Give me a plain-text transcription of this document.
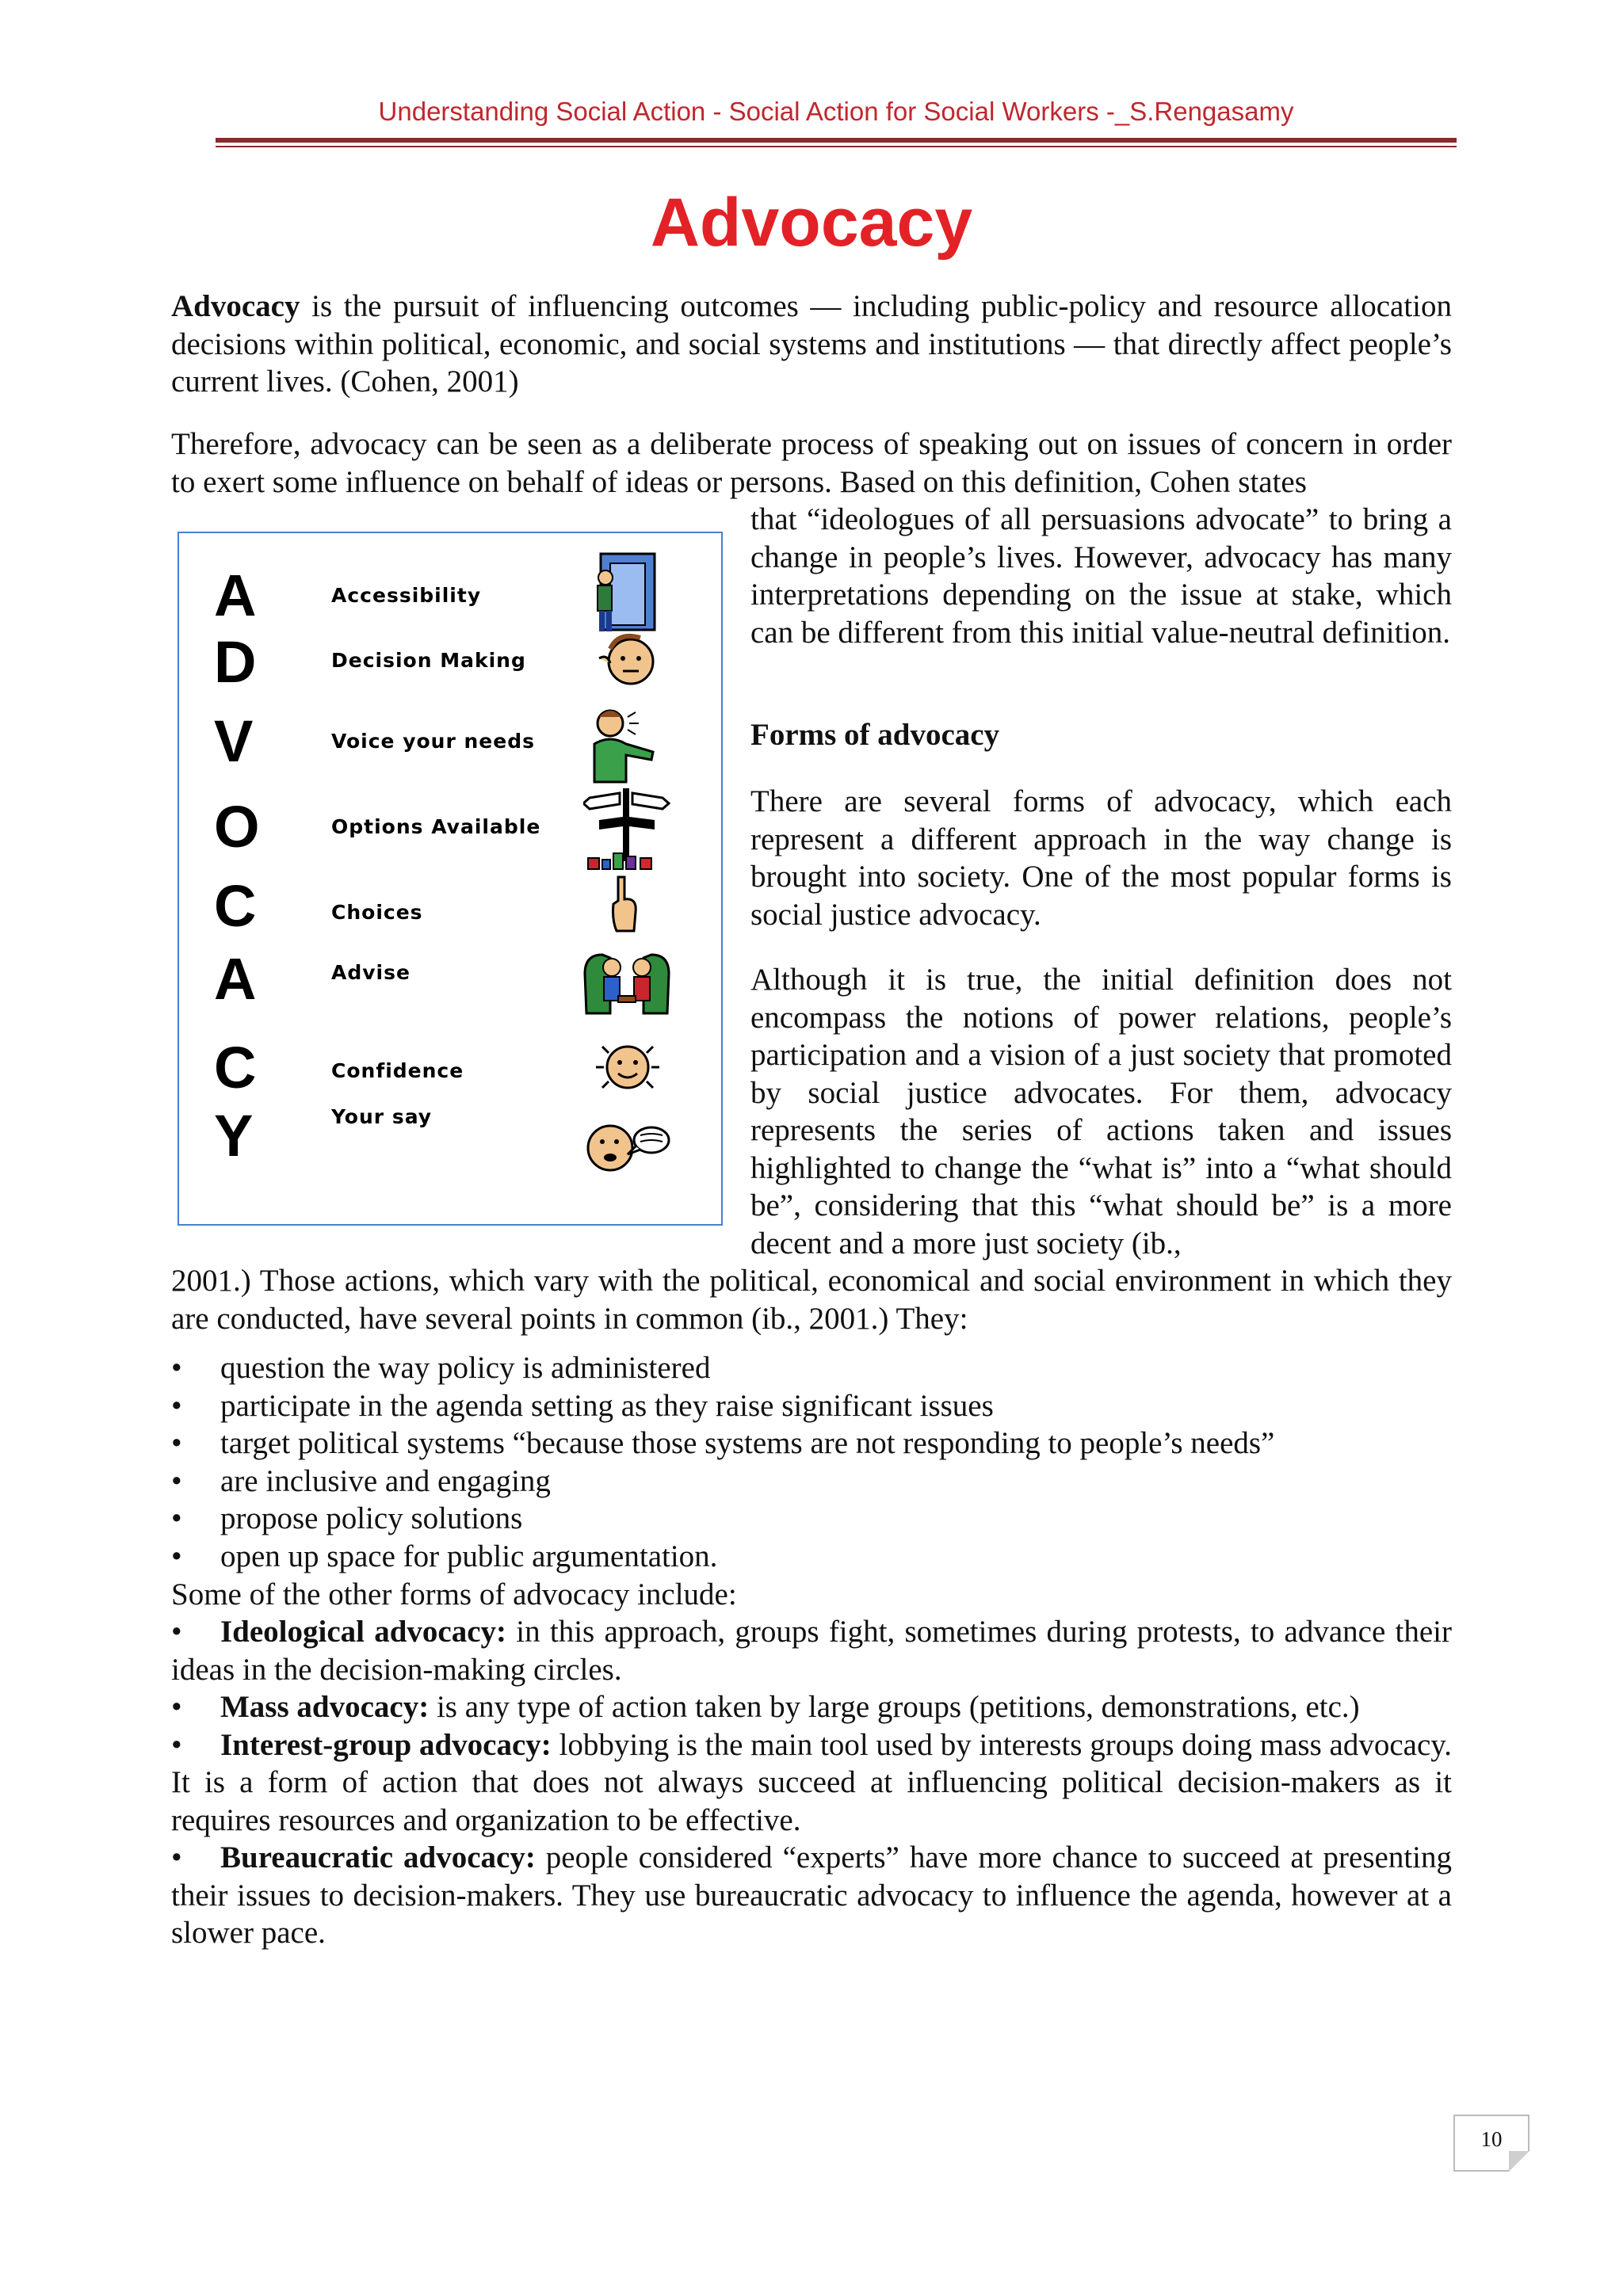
Understanding Social Action - Social Action for Social Workers -_S.Rengasamy
Advocacy

Advocacy is the pursuit of influencing outcomes — including public-policy and resource allocation decisions within political, economic, and social systems and institutions — that directly affect people’s current lives. (Cohen, 2001)

Therefore, advocacy can be seen as a deliberate process of speaking out on issues of concern in order to exert some influence on behalf of ideas or persons. Based on this definition, Cohen states

that “ideologues of all persuasions advocate” to bring a change in people’s lives. However, advocacy has many interpretations depending on the issue at stake, which can be different from this initial value-neutral definition.

Forms of advocacy

There are several forms of advocacy, which each represent a different approach in the way change is brought into society. One of the most popular forms is social justice advocacy.

Although it is true, the initial definition does not encompass the notions of power relations, people’s participation and a vision of a just society that promoted by social justice advocates. For them, advocacy represents the series of actions taken and issues highlighted to change the “what is” into a “what should be”, considering that this “what should be” is a more decent and a more just society (ib.,

2001.) Those actions, which vary with the political, economical and social environment in which they are conducted, have several points in common (ib., 2001.) They:

• question the way policy is administered
• participate in the agenda setting as they raise significant issues
• target political systems “because those systems are not responding to people’s needs”
• are inclusive and engaging
• propose policy solutions
• open up space for public argumentation.
Some of the other forms of advocacy include:
• Ideological advocacy: in this approach, groups fight, sometimes during protests, to advance their ideas in the decision-making circles.
• Mass advocacy: is any type of action taken by large groups (petitions, demonstrations, etc.)
• Interest-group advocacy: lobbying is the main tool used by interests groups doing mass advocacy. It is a form of action that does not always succeed at influencing political decision-makers as it requires resources and organization to be effective.
• Bureaucratic advocacy: people considered “experts” have more chance to succeed at presenting their issues to decision-makers. They use bureaucratic advocacy to influence the agenda, however at a slower pace.
A	Accessibility
D	Decision Making
V	Voice your needs
O	Options Available
C	Choices
A	Advise
C	Confidence
Y	Your say
10
